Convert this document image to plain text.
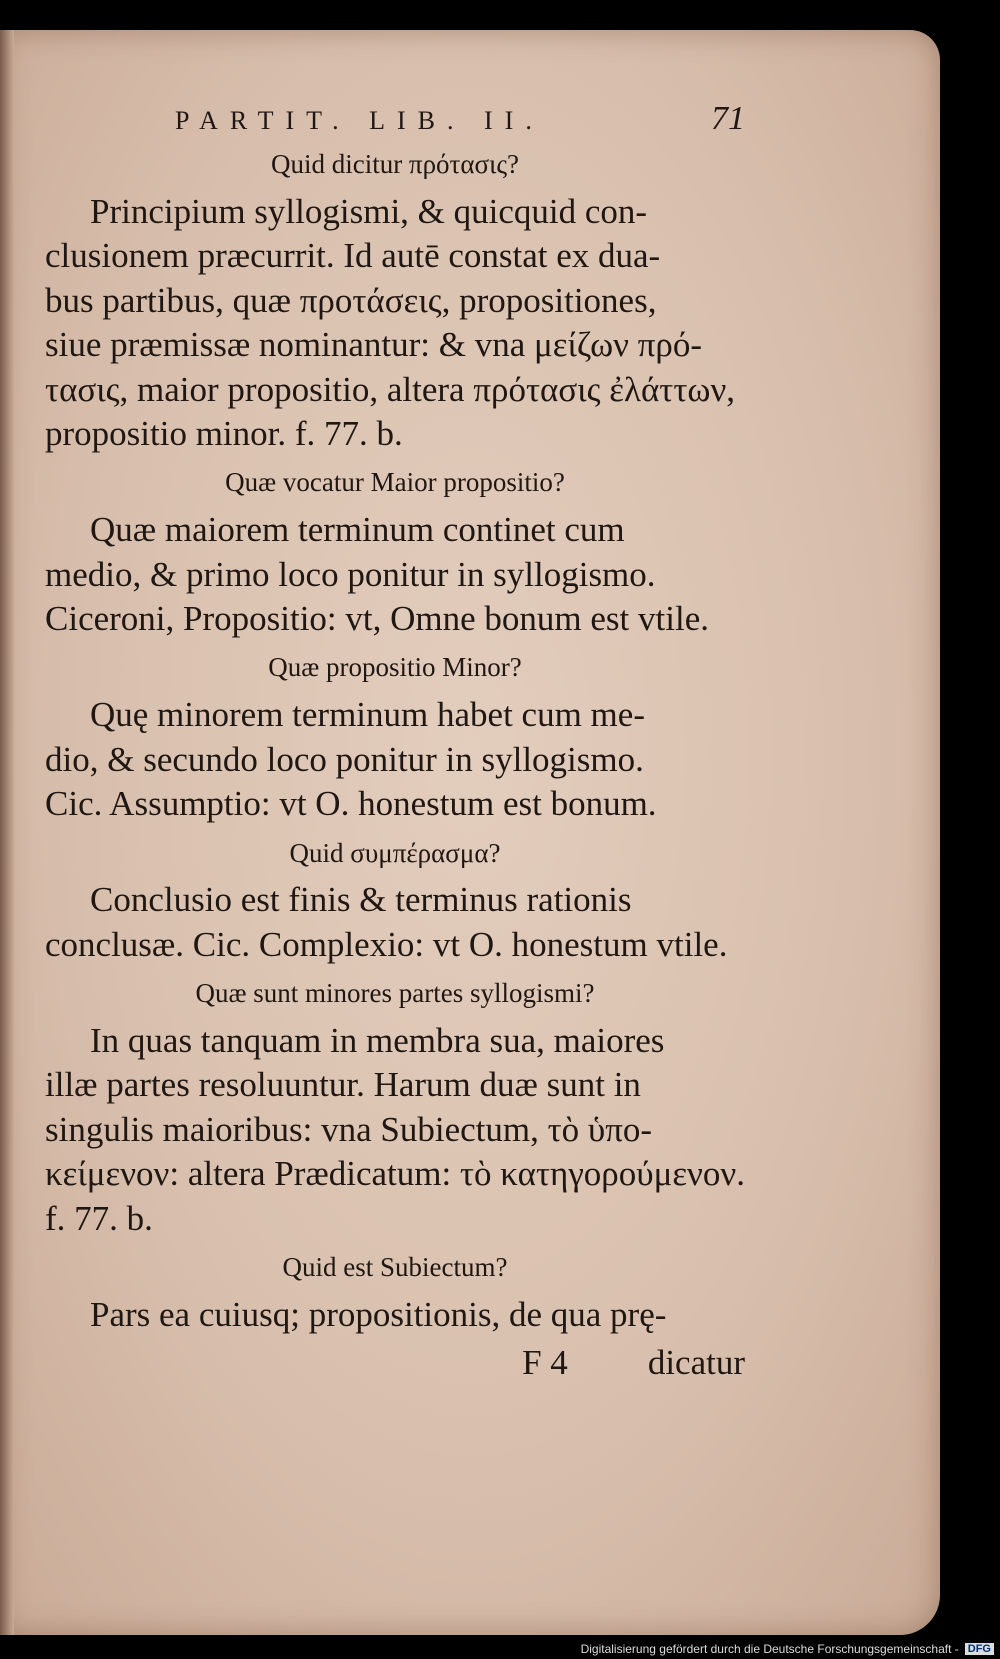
PARTIT. LIB. II.	71
Quid dicitur πρότασις?
Principium syllogismi, & quicquid con-
clusionem præcurrit. Id autē constat ex dua-
bus partibus, quæ προτάσεις, propositiones,
siue præmissæ nominantur: & vna μείζων πρό-
τασις, maior propositio, altera πρότασις ἐλάττων,
propositio minor. f. 77. b.
Quæ vocatur Maior propositio?
Quæ maiorem terminum continet cum
medio, & primo loco ponitur in syllogismo.
Ciceroni, Propositio: vt, Omne bonum est vtile.
Quæ propositio Minor?
Quę minorem terminum habet cum me-
dio, & secundo loco ponitur in syllogismo.
Cic. Assumptio: vt O. honestum est bonum.
Quid συμπέρασμα?
Conclusio est finis & terminus rationis
conclusæ. Cic. Complexio: vt O. honestum vtile.
Quæ sunt minores partes syllogismi?
In quas tanquam in membra sua, maiores
illæ partes resoluuntur. Harum duæ sunt in
singulis maioribus: vna Subiectum, τὸ ὑπο-
κείμενον: altera Prædicatum: τὸ κατηγορούμενον.
f. 77. b.
Quid est Subiectum?
Pars ea cuiusq; propositionis, de qua prę-
F 4 dicatur
Digitalisierung gefördert durch die Deutsche Forschungsgemeinschaft - DFG
